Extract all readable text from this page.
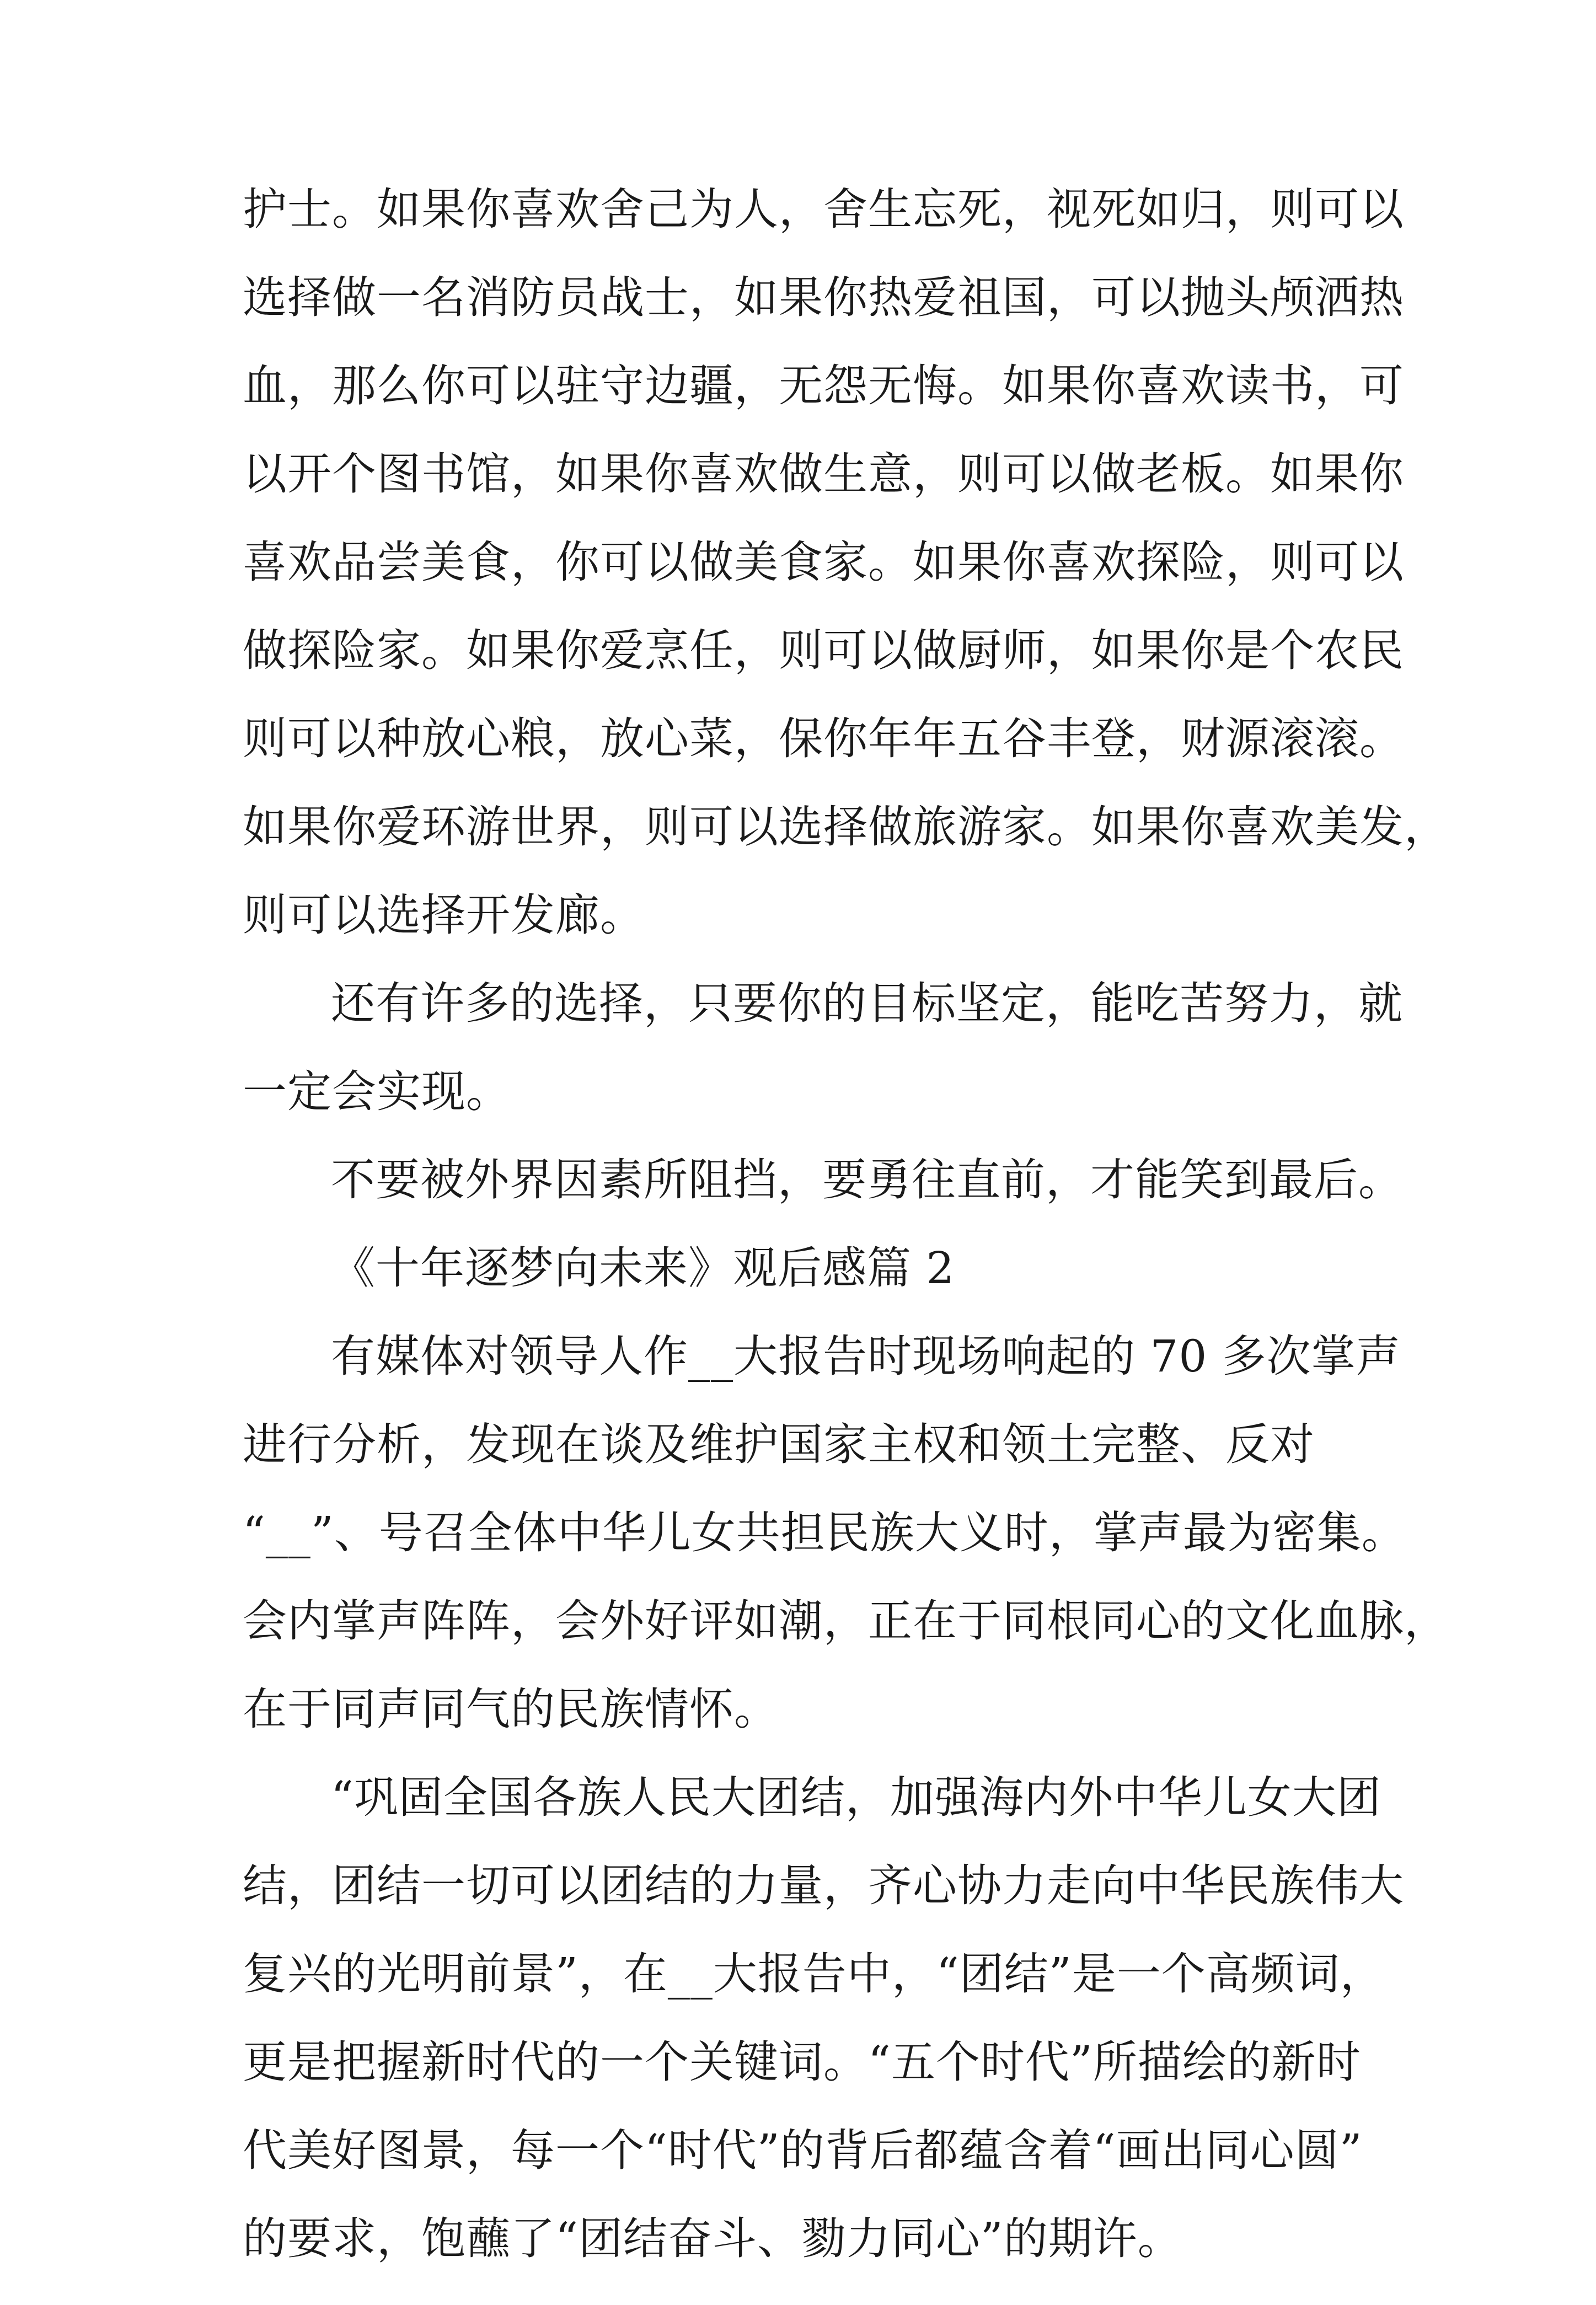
护士。如果你喜欢舍己为人，舍生忘死，视死如归，则可以
选择做一名消防员战士，如果你热爱祖国，可以抛头颅洒热
血，那么你可以驻守边疆，无怨无悔。如果你喜欢读书，可
以开个图书馆，如果你喜欢做生意，则可以做老板。如果你
喜欢品尝美食，你可以做美食家。如果你喜欢探险，则可以
做探险家。如果你爱烹任，则可以做厨师，如果你是个农民
则可以种放心粮，放心菜，保你年年五谷丰登，财源滚滚。
如果你爱环游世界，则可以选择做旅游家。如果你喜欢美发，
则可以选择开发廊。
还有许多的选择，只要你的目标坚定，能吃苦努力，就
一定会实现。
不要被外界因素所阻挡，要勇往直前，才能笑到最后。
《十年逐梦向未来》观后感篇 2
有媒体对领导人作__大报告时现场响起的 70 多次掌声
进行分析，发现在谈及维护国家主权和领土完整、反对
“__”、号召全体中华儿女共担民族大义时，掌声最为密集。
会内掌声阵阵，会外好评如潮，正在于同根同心的文化血脉，
在于同声同气的民族情怀。
“巩固全国各族人民大团结，加强海内外中华儿女大团
结，团结一切可以团结的力量，齐心协力走向中华民族伟大
复兴的光明前景”，在__大报告中，“团结”是一个高频词，
更是把握新时代的一个关键词。“五个时代”所描绘的新时
代美好图景，每一个“时代”的背后都蕴含着“画出同心圆”
的要求，饱蘸了“团结奋斗、勠力同心”的期许。
